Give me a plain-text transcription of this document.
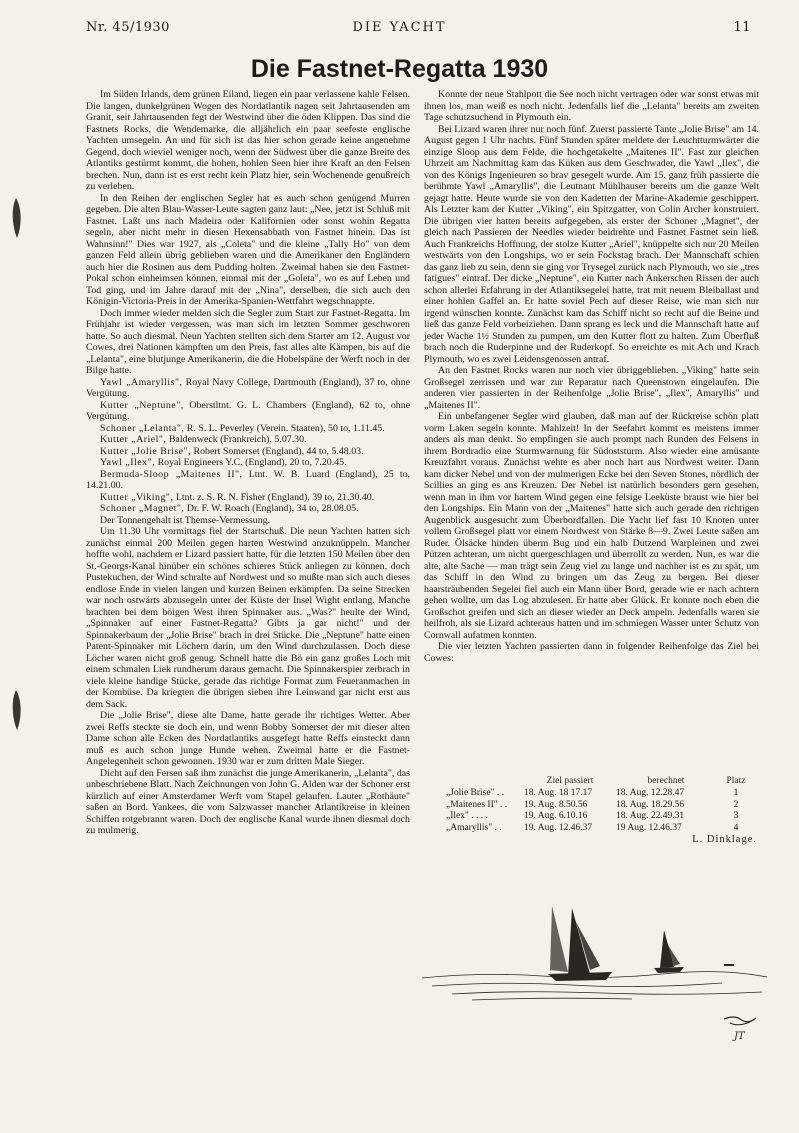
Nr. 45/1930	DIE YACHT	11
Die Fastnet-Regatta 1930

Im Süden Irlands, dem grünen Eiland, liegen ein paar verlassene kahle Felsen. Die langen, dunkelgrünen Wogen des Nordatlantik nagen seit Jahrtausenden am Granit, seit Jahrtausenden fegt der Westwind über die öden Klippen. Das sind die Fastnets Rocks, die Wendemarke, die alljährlich ein paar seefeste englische Yachten umsegeln. An und für sich ist das hier schon gerade keine angenehme Gegend, doch wieviel weniger noch, wenn der Südwest über die ganze Breite des Atlantiks gestürmt kommt, die hohen, hohlen Seen hier ihre Kraft an den Felsen brechen. Nun, dann ist es erst recht kein Platz hier, sein Wochenende genußreich zu verleben.

In den Reihen der englischen Segler hat es auch schon genügend Murren gegeben. Die alten Blau-Wasser-Leute sagten ganz laut: „Nee, jetzt ist Schluß mit Fastnet. Laßt uns nach Madeira oder Kalifornien oder sonst wohin Regatta segeln, aber nicht mehr in diesen Hexensabbath von Fastnet hinein. Das ist Wahnsinn!" Dies war 1927, als „Coleta" und die kleine „Tally Ho" von dem ganzen Feld allein übrig geblieben waren und die Amerikaner den Engländern auch hier die Rosinen aus dem Pudding holten. Zweimal haben sie den Fastnet-Pokal schon einheimsen können, einmal mit der „Goleta", wo es auf Leben und Tod ging, und im Jahre darauf mit der „Nina", derselben, die sich auch den Königin-Victoria-Preis in der Amerika-Spanien-Wettfahrt wegschnappte.

Doch immer wieder melden sich die Segler zum Start zur Fastnet-Regatta. Im Frühjahr ist wieder vergessen, was man sich im letzten Sommer geschworen hatte. So auch diesmal. Neun Yachten stellten sich dem Starter am 12. August vor Cowes, drei Nationen kämpften um den Preis, fast alles alte Kämpen, bis auf die „Lelanta", eine blutjunge Amerikanerin, die die Hobelspäne der Werft noch in der Bilge hatte.

Yawl „Amaryllis", Royal Navy College, Dartmouth (England), 37 to, ohne Vergütung.

Kutter „Neptune", Oberstltnt. G. L. Chambers (England), 62 to, ohne Vergütung.

Schoner „Lelanta", R. S. L. Peverley (Verein. Staaten), 50 to, 1.11.45.

Kutter „Ariel", Baldenweck (Frankreich), 5.07.30.

Kutter „Jolie Brise", Robert Somerset (England), 44 to, 5.48.03.

Yawl „Ilex", Royal Engineers Y.C. (England), 20 to, 7.20.45.

Bermuda-Sloop „Maitenes II", Ltnt. W. B. Luard (England), 25 to, 14.21.00.

Kutter „Viking", Ltnt. z. S. R. N. Fisher (England), 39 to, 21.30.40.

Schoner „Magnet", Dr. F. W. Roach (England), 34 to, 28.08.05.

Der Tonnengehalt ist Themse-Vermessung.

Um 11.30 Uhr vormittags fiel der Startschuß. Die neun Yachten hatten sich zunächst einmal 200 Meilen gegen harten Westwind anzuknüppeln. Mancher hoffte wohl, nachdem er Lizard passiert hatte, für die letzten 150 Meilen über den St.-Georgs-Kanal hinüber ein schönes schieres Stück anliegen zu können, doch Pustekuchen, der Wind schralte auf Nordwest und so mußte man sich auch dieses endlose Ende in vielen langen und kurzen Beinen erkämpfen. Da seine Strecken war noch ostwärts abzusegeln unter der Küste der Insel Wight entlang. Manche brachten bei dem böigen West ihren Spinnaker aus. „Was?" heulte der Wind, „Spinnaker auf einer Fastnet-Regatta? Gibts ja gar nicht!" und der Spinnakerbaum der „Jolie Brise" brach in drei Stücke. Die „Neptune" hatte einen Patent-Spinnaker mit Löchern darin, um den Wind durchzulassen. Doch diese Löcher waren nicht groß genug. Schnell hatte die Bö ein ganz großes Loch mit einem schmalen Liek rundherum daraus gemacht. Die Spinnakerspier zerbrach in viele kleine handige Stücke, gerade das richtige Format zum Feueranmachen in der Kombüse. Da kriegten die übrigen sieben ihre Leinwand gar nicht erst aus dem Sack.

Die „Jolie Brise", diese alte Dame, hatte gerade ihr richtiges Wetter. Aber zwei Reffs steckte sie doch ein, und wenn Bobby Somerset der mit dieser alten Dame schon alle Ecken des Nordatlantiks ausgefegt hatte Reffs einsteckt dann muß es auch schon junge Hunde wehen. Zweimal hatte er die Fastnet-Angelegenheit schon gewonnen. 1930 war er zum dritten Male Sieger.

Dicht auf den Fersen saß ihm zunächst die junge Amerikanerin, „Lelanta", das unbeschriebene Blatt. Nach Zeichnungen von John G. Alden war der Schoner erst kürzlich auf einer Amsterdamer Werft vom Stapel gelaufen. Lauter „Rothäute" saßen an Bord. Yankees, die vom Salzwasser mancher Atlantikreise in kleinen Schiffen rotgebrannt waren. Doch der englische Kanal wurde ihnen diesmal doch zu mulmerig.

Konnte der neue Stahlpott die See noch nicht vertragen oder war sonst etwas mit ihnen los, man weiß es noch nicht. Jedenfalls lief die „Lelanta" bereits am zweiten Tage schutzsuchend in Plymouth ein.

Bei Lizard waren ihrer nur noch fünf. Zuerst passierte Tante „Jolie Brise" am 14. August gegen 1 Uhr nachts. Fünf Stunden später meldete der Leuchtturmwärter die einzige Sloop aus dem Felde, die hochgetakelte „Maitenes II". Fast zur gleichen Uhrzeit am Nachmittag kam das Küken aus dem Geschwader, die Yawl „Ilex", die von des Königs Ingenieuren so brav gesegelt wurde. Am 15. ganz früh passierte die berühmte Yawl „Amaryllis", die Leutnant Mühlhauser bereits um die ganze Welt gejagt hatte. Heute wurde sie von den Kadetten der Marine-Akademie geschippert. Als Letzter kam der Kutter „Viking", ein Spitzgatter, von Colin Archer konstruiert. Die übrigen vier hatten bereits aufgegeben, als erster der Schoner „Magnet", der gleich nach Passieren der Needles wieder beidrehte und Fastnet Fastnet sein ließ. Auch Frankreichs Hoffnung, der stolze Kutter „Ariel", knüppelte sich nur 20 Meilen westwärts von den Longships, wo er sein Fockstag brach. Der Mannschaft schien das ganz lieb zu sein, denn sie ging vor Trysegel zurück nach Plymouth, wo sie „tres fatigues" eintraf. Der dicke „Neptune", ein Kutter nach Ankerschen Rissen der auch schon allerlei Erfahrung in der Atlantiksegelei hatte, trat mit neuem Bleiballast und einer hohlen Gaffel an. Er hatte soviel Pech auf dieser Reise, wie man sich nur irgend wünschen konnte. Zunächst kam das Schiff nicht so recht auf die Beine und ließ das ganze Feld vorbeiziehen. Dann sprang es leck und die Mannschaft hatte auf jeder Wache 1½ Stunden zu pumpen, um den Kutter flott zu halten. Zum Überfluß brach noch die Ruderpinne und der Ruderkopf. So erreichte es mit Ach und Krach Plymouth, wo es zwei Leidensgenossen antraf.

An den Fastnet Rocks waren nur noch vier übriggeblieben. „Viking" hatte sein Großsegel zerrissen und war zur Reparatur nach Queenstown eingelaufen. Die anderen vier passierten in der Reihenfolge „Jolie Brise", „Ilex", Amaryllis" und „Maitenes II".

Ein unbefangener Segler wird glauben, daß man auf der Rückreise schön platt vorm Laken segeln konnte. Mahlzeit! In der Seefahrt kommt es meistens immer anders als man denkt. So empfingen sie auch prompt nach Runden des Felsens in ihrem Bordradio eine Sturmwarnung für Südoststurm. Also wieder eine amüsante Kreuzfahrt voraus. Zunächst wehte es aber noch hart aus Nordwest weiter. Dann kam dicker Nebel und von der mulmerigen Ecke bei den Seven Stones, nördlich der Scillies an ging es ans Kreuzen. Der Nebel ist natürlich besonders gern gesehen, wenn man in ihm vor hartem Wind gegen eine felsige Leeküste braust wie hier bei den Longships. Ein Mann von der „Maitenes" hatte sich auch gerade den richtigen Augenblick ausgesucht zum Überbordfallen. Die Yacht lief fast 10 Knoten unter vollem Großsegel platt vor einem Nordwest von Stärke 8—9. Zwei Leute saßen am Ruder. Ölsäcke hinden überm Bug und ein halb Dutzend Warpleinen und zwei Pützen achteran, um nicht quergeschlagen und überrollt zu werden. Nun, es war die alte, alte Sache — man trägt sein Zeug viel zu lange und nachher ist es zu spät, um das Schiff in den Wind zu bringen um das Zeug zu bergen. Bei dieser haarsträubenden Segelei fiel auch ein Mann über Bord, gerade wie er nach achtern gehen wollte, um das Log abzulesen. Er hatte aber Glück. Er konnte noch eben die Großschot greifen und sich an dieser wieder an Deck ampeln. Jedenfalls waren sie heilfroh, als sie Lizard achteraus hatten und im schmiegen Wasser unter Schutz von Cornwall aufatmen konnten.

Die vier letzten Yachten passierten dann in folgender Reihenfolge das Ziel bei Cowes:

Ziel passiert	berechnet	Platz
„Jolie Brise" . .	18. Aug. 18 17.17	18. Aug. 12.28.47	1
„Maitenes II" . .	19. Aug. 8.50.56	18. Aug. 18.29.56	2
„Ilex" . . . .	19. Aug. 6.10.16	18. Aug. 22.49.31	3
„Amaryllis" . .	19. Aug. 12.46.37	19 Aug. 12.46.37	4
L. Dinklage.
JT
